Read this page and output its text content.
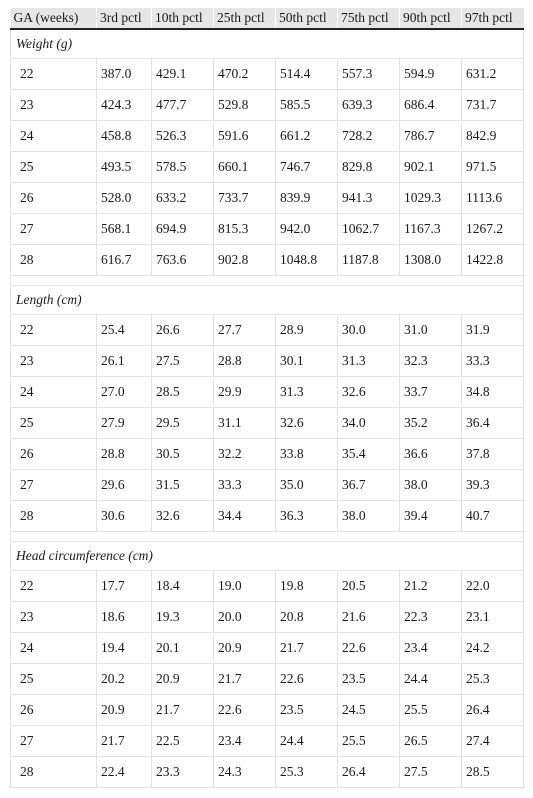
GA (weeks)	3rd pctl	10th pctl	25th pctl	50th pctl	75th pctl	90th pctl	97th pctl
Weight (g)							
22	387.0	429.1	470.2	514.4	557.3	594.9	631.2
23	424.3	477.7	529.8	585.5	639.3	686.4	731.7
24	458.8	526.3	591.6	661.2	728.2	786.7	842.9
25	493.5	578.5	660.1	746.7	829.8	902.1	971.5
26	528.0	633.2	733.7	839.9	941.3	1029.3	1113.6
27	568.1	694.9	815.3	942.0	1062.7	1167.3	1267.2
28	616.7	763.6	902.8	1048.8	1187.8	1308.0	1422.8

Length (cm)							
22	25.4	26.6	27.7	28.9	30.0	31.0	31.9
23	26.1	27.5	28.8	30.1	31.3	32.3	33.3
24	27.0	28.5	29.9	31.3	32.6	33.7	34.8
25	27.9	29.5	31.1	32.6	34.0	35.2	36.4
26	28.8	30.5	32.2	33.8	35.4	36.6	37.8
27	29.6	31.5	33.3	35.0	36.7	38.0	39.3
28	30.6	32.6	34.4	36.3	38.0	39.4	40.7

Head circumference (cm)							
22	17.7	18.4	19.0	19.8	20.5	21.2	22.0
23	18.6	19.3	20.0	20.8	21.6	22.3	23.1
24	19.4	20.1	20.9	21.7	22.6	23.4	24.2
25	20.2	20.9	21.7	22.6	23.5	24.4	25.3
26	20.9	21.7	22.6	23.5	24.5	25.5	26.4
27	21.7	22.5	23.4	24.4	25.5	26.5	27.4
28	22.4	23.3	24.3	25.3	26.4	27.5	28.5
